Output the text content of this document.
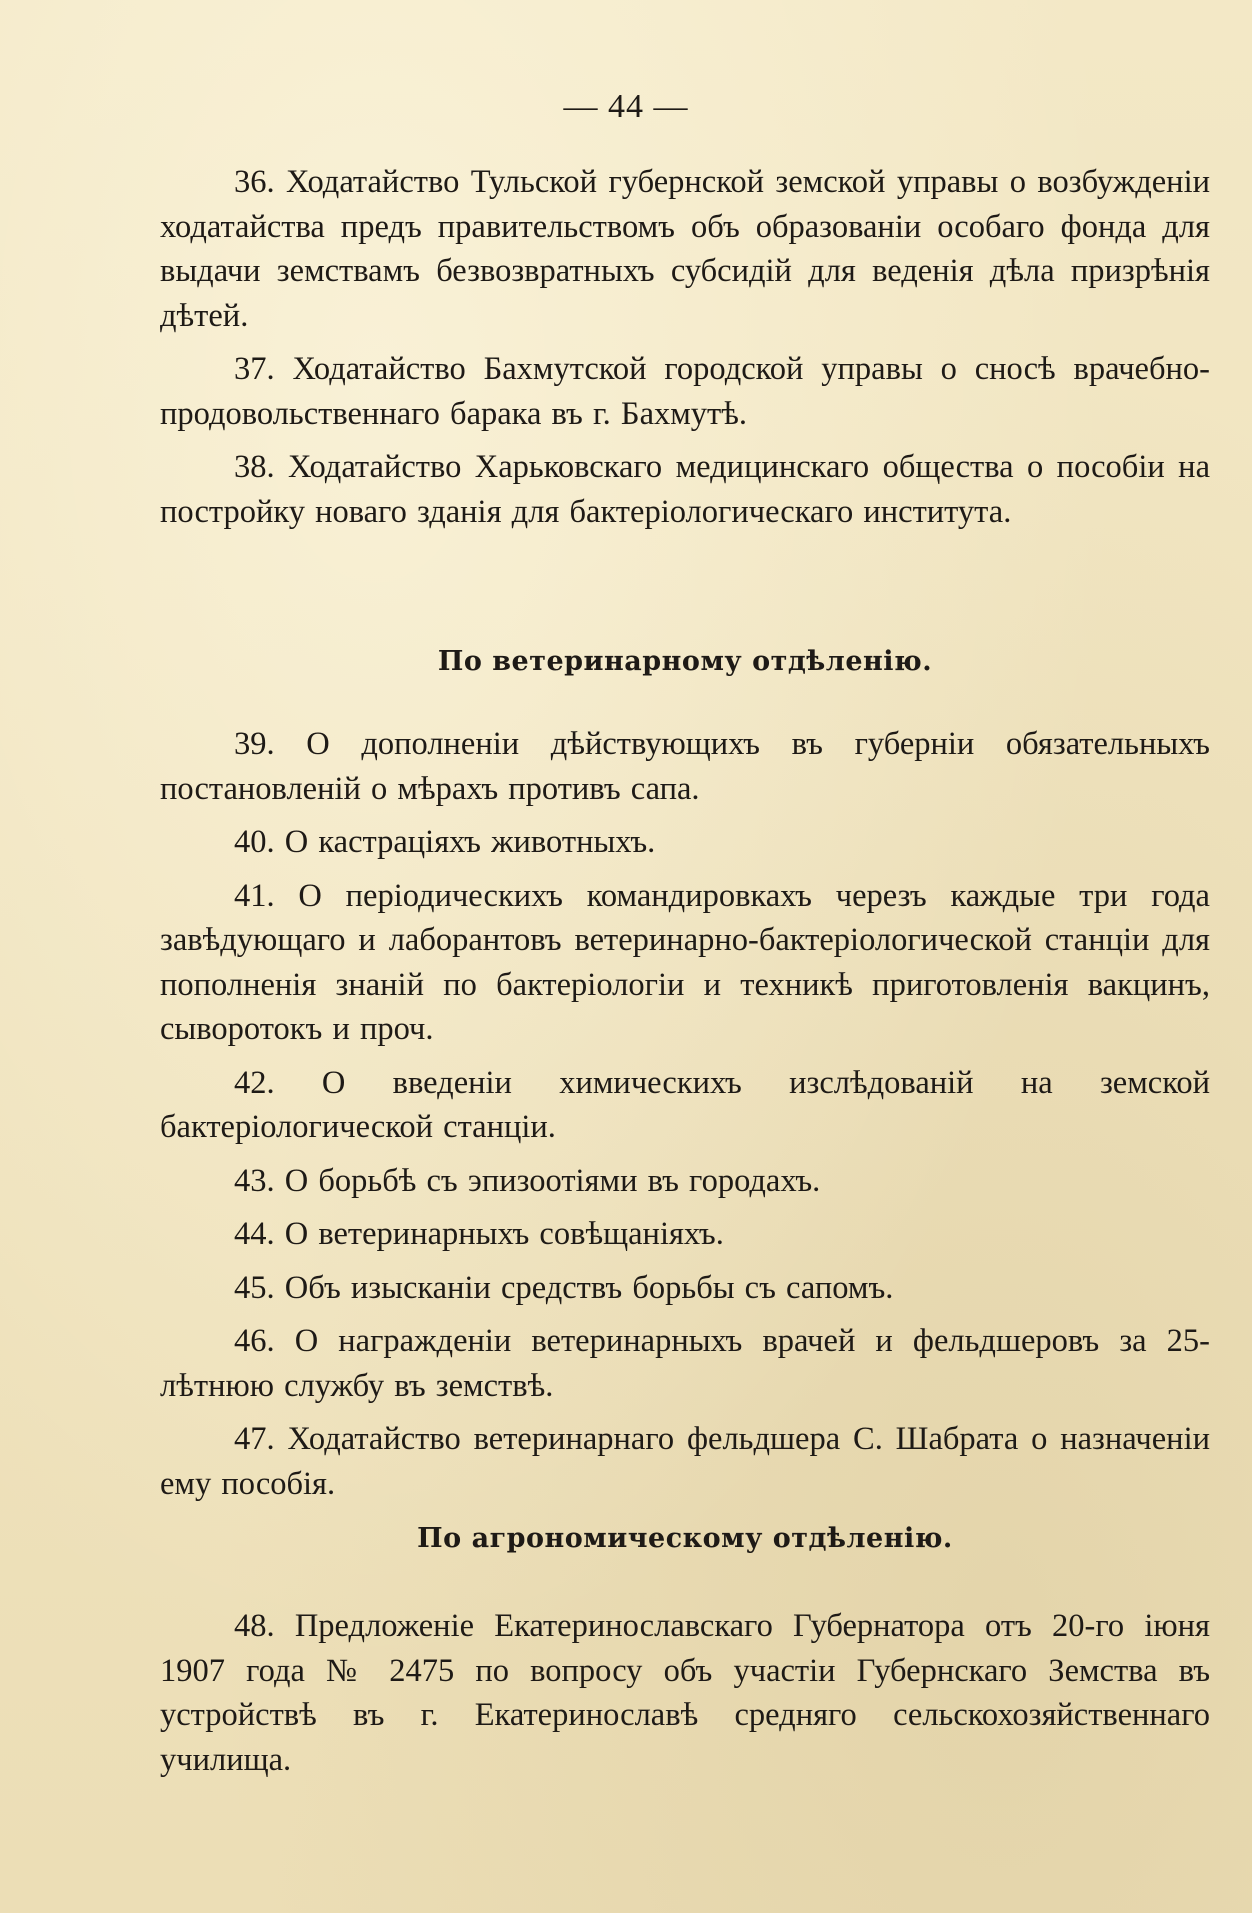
— 44 —

36. Ходатайство Тульской губернской земской управы о возбужденіи ходатайства предъ правительствомъ объ образованіи особаго фонда для выдачи земствамъ безвозвратныхъ субсидій для веденія дѣла призрѣнія дѣтей.

37. Ходатайство Бахмутской городской управы о сносѣ врачебно-продовольственнаго барака въ г. Бахмутѣ.

38. Ходатайство Харьковскаго медицинскаго общества о пособіи на постройку новаго зданія для бактеріологическаго института.

По ветеринарному отдѣленію.

39. О дополненіи дѣйствующихъ въ губерніи обязательныхъ постановленій о мѣрахъ противъ сапа.

40. О кастраціяхъ животныхъ.

41. О періодическихъ командировкахъ черезъ каждые три года завѣдующаго и лаборантовъ ветеринарно-бактеріологической станціи для пополненія знаній по бактеріологіи и техникѣ приготовленія вакцинъ, сыворотокъ и проч.

42. О введеніи химическихъ изслѣдованій на земской бактеріологической станціи.

43. О борьбѣ съ эпизоотіями въ городахъ.

44. О ветеринарныхъ совѣщаніяхъ.

45. Объ изысканіи средствъ борьбы съ сапомъ.

46. О награжденіи ветеринарныхъ врачей и фельдшеровъ за 25-лѣтнюю службу въ земствѣ.

47. Ходатайство ветеринарнаго фельдшера С. Шабрата о назначеніи ему пособія.

По агрономическому отдѣленію.

48. Предложеніе Екатеринославскаго Губернатора отъ 20-го іюня 1907 года № 2475 по вопросу объ участіи Губернскаго Земства въ устройствѣ въ г. Екатеринославѣ средняго сельскохозяйственнаго училища.
